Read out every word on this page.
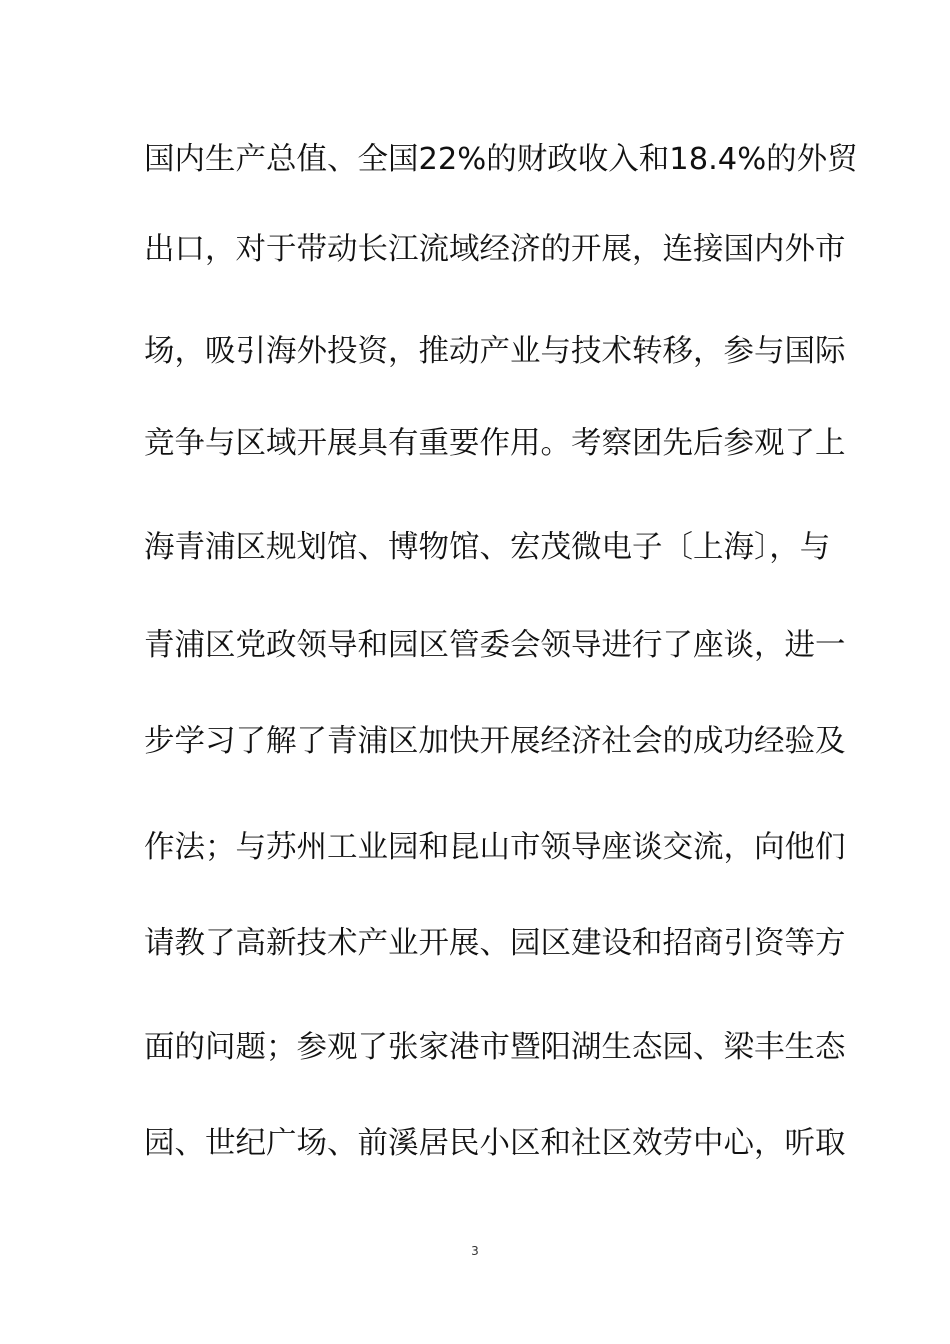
国内生产总值、全国22%的财政收入和18.4%的外贸
出口，对于带动长江流域经济的开展，连接国内外市
场，吸引海外投资，推动产业与技术转移，参与国际
竞争与区域开展具有重要作用。考察团先后参观了上
海青浦区规划馆、博物馆、宏茂微电子〔上海〕，与
青浦区党政领导和园区管委会领导进行了座谈，进一
步学习了解了青浦区加快开展经济社会的成功经验及
作法；与苏州工业园和昆山市领导座谈交流，向他们
请教了高新技术产业开展、园区建设和招商引资等方
面的问题；参观了张家港市暨阳湖生态园、梁丰生态
园、世纪广场、前溪居民小区和社区效劳中心，听取
3
